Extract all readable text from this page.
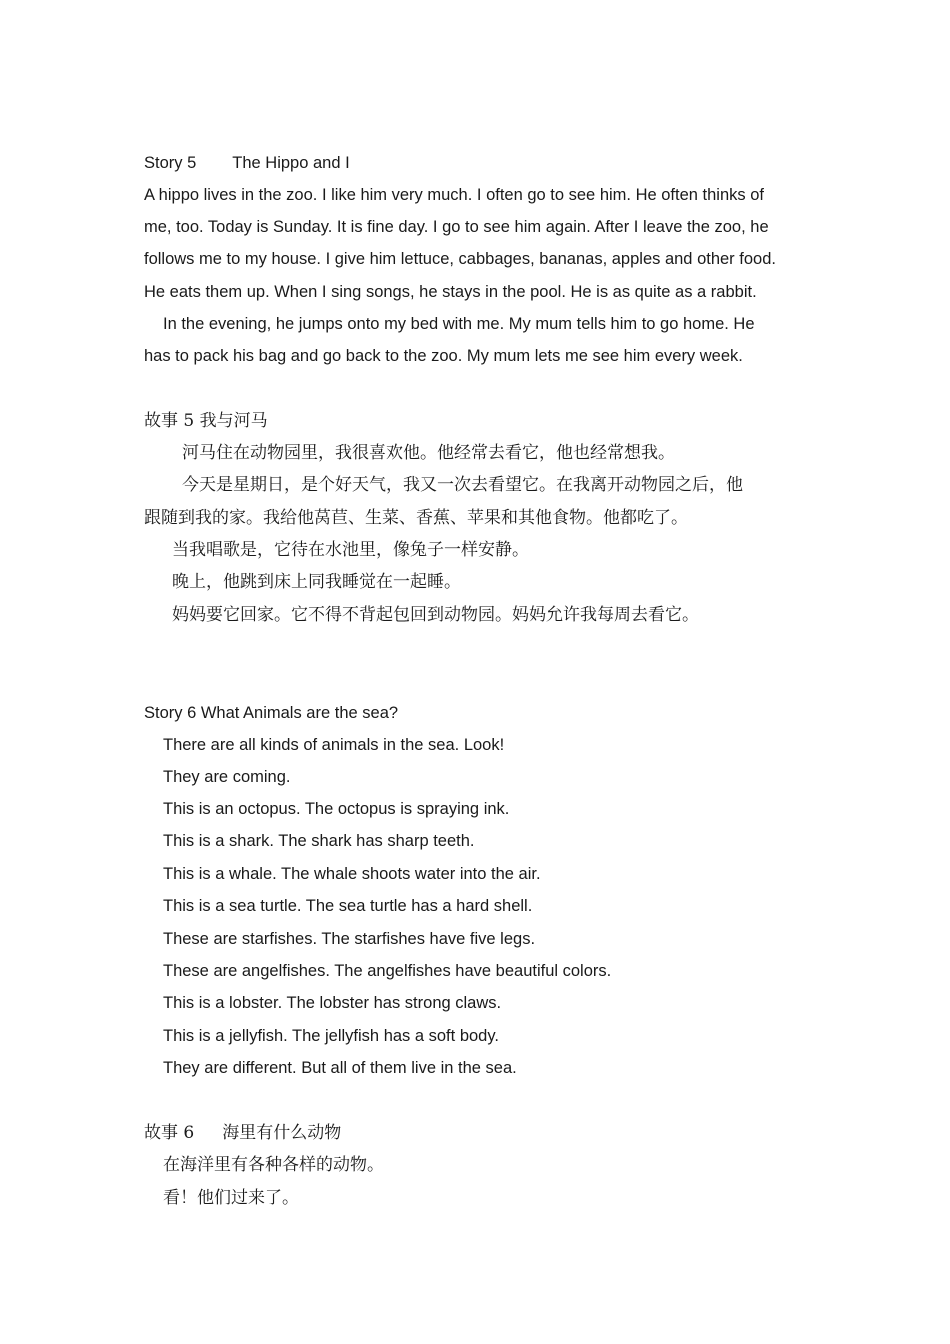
Story 5 The Hippo and I
A hippo lives in the zoo. I like him very much. I often go to see him. He often thinks of
me, too. Today is Sunday. It is fine day. I go to see him again. After I leave the zoo, he
follows me to my house. I give him lettuce, cabbages, bananas, apples and other food.
He eats them up. When I sing songs, he stays in the pool. He is as quite as a rabbit.
In the evening, he jumps onto my bed with me. My mum tells him to go home. He
has to pack his bag and go back to the zoo. My mum lets me see him every week.
故事 5 我与河马
河马住在动物园里，我很喜欢他。他经常去看它，他也经常想我。
今天是星期日，是个好天气，我又一次去看望它。在我离开动物园之后，他
跟随到我的家。我给他莴苣、生菜、香蕉、苹果和其他食物。他都吃了。
当我唱歌是，它待在水池里，像兔子一样安静。
晚上，他跳到床上同我睡觉在一起睡。
妈妈要它回家。它不得不背起包回到动物园。妈妈允许我每周去看它。
Story 6 What Animals are the sea?
There are all kinds of animals in the sea. Look!
They are coming.
This is an octopus. The octopus is spraying ink.
This is a shark. The shark has sharp teeth.
This is a whale. The whale shoots water into the air.
This is a sea turtle. The sea turtle has a hard shell.
These are starfishes. The starfishes have five legs.
These are angelfishes. The angelfishes have beautiful colors.
This is a lobster. The lobster has strong claws.
This is a jellyfish. The jellyfish has a soft body.
They are different. But all of them live in the sea.
故事 6 海里有什么动物
在海洋里有各种各样的动物。
看！他们过来了。
